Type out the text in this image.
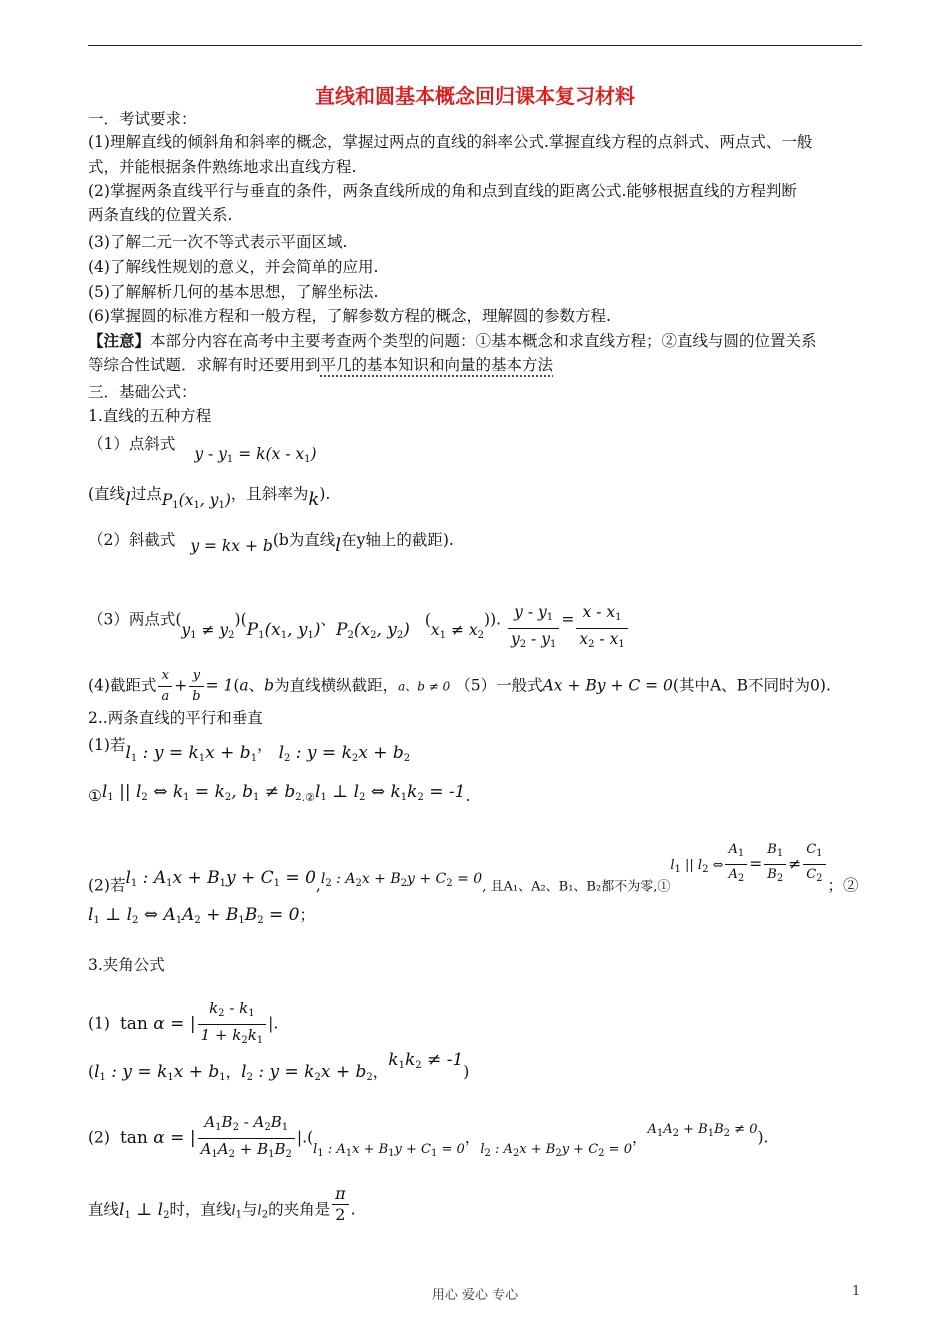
直线和圆基本概念回归课本复习材料
一．考试要求：
(1)理解直线的倾斜角和斜率的概念，掌握过两点的直线的斜率公式.掌握直线方程的点斜式、两点式、一般
式，并能根据条件熟练地求出直线方程.
(2)掌握两条直线平行与垂直的条件，两条直线所成的角和点到直线的距离公式.能够根据直线的方程判断
两条直线的位置关系.
(3)了解二元一次不等式表示平面区域.
(4)了解线性规划的意义，并会简单的应用.
(5)了解解析几何的基本思想，了解坐标法.
(6)掌握圆的标准方程和一般方程，了解参数方程的概念，理解圆的参数方程.
【注意】本部分内容在高考中主要考查两个类型的问题：①基本概念和求直线方程；②直线与圆的位置关系
等综合性试题．求解有时还要用到平几的基本知识和向量的基本方法
三．基础公式：
1.直线的五种方程
（1）点斜式 $y - y_1 = k(x - x_1)$
(直线l过点$P_1(x_1$, $y_1$)，且斜率为k).
（2）斜截式 y = kx + b(b为直线l在y轴上的截距).
（3）两点式$(y_1 \ne y_2)(P_1(x_1$, $y_1$)、$P_2(x_2$, $y_2$) $(x_1 \ne x_2)$). $\frac{y - y_1}{y_2 - y_1} = \frac{x - x_1}{x_2 - x_1}$
(4)截距式 $\frac{x}{a} + \frac{y}{b} = 1(a$、b为直线横纵截距，a、b ≠ 0 （5）一般式Ax + By + C = 0(其中A、B不同时为0).
2..两条直线的平行和垂直
(1)若$l_1$ : $y = k_1x + b_1$， $l_2$ : $y = k_2x + b_2$
$①l_1$ || $l_2$ ⇔ $k_1 = k_2$, $b_1$ ≠ $b_2.②l_1$ ⊥ $l_2$ ⇔ $k_1k_2 = -1$.
(2)若$l_1$ : $A_1x + B_1y + C_1 = 0,l_2$ : $A_2x + B_2y + C_2 = 0$, 且A₁、A₂、B₁、B₂都不为零,①$^{l_1 || l_2 \Leftrightarrow}$ $\frac{A_1}{A_2} = \frac{B_1}{B_2} \ne \frac{C_1}{C_2}$ ；②
$l_1$ ⊥ $l_2$ ⇔ $A_1A_2 + B_1B_2 = 0$；
3.夹角公式
(1) tan α = | $\frac{k_2 - k_1}{1 + k_2k_1}$ |.
($l_1$ : $y = k_1x + b_1$，$l_2$ : $y = k_2x + b_2$，$k_1k_2 \ne -1$)
(2) tan α = | $\frac{A_1B_2 - A_2B_1}{A_1A_2 + B_1B_2} |.(_{l_1 : A_1x + B_1y + C_1 = 0}$，$_{l_2 : A_2x + B_2y + C_2 = 0}$，$^{A_1A_2 + B_1B_2 \ne 0}$).
直线$l_1$ ⊥ $l_2$时，直线$l_1$与$l_2$的夹角是 $\frac{\pi}{2}$ .
用心 爱心 专心	1
